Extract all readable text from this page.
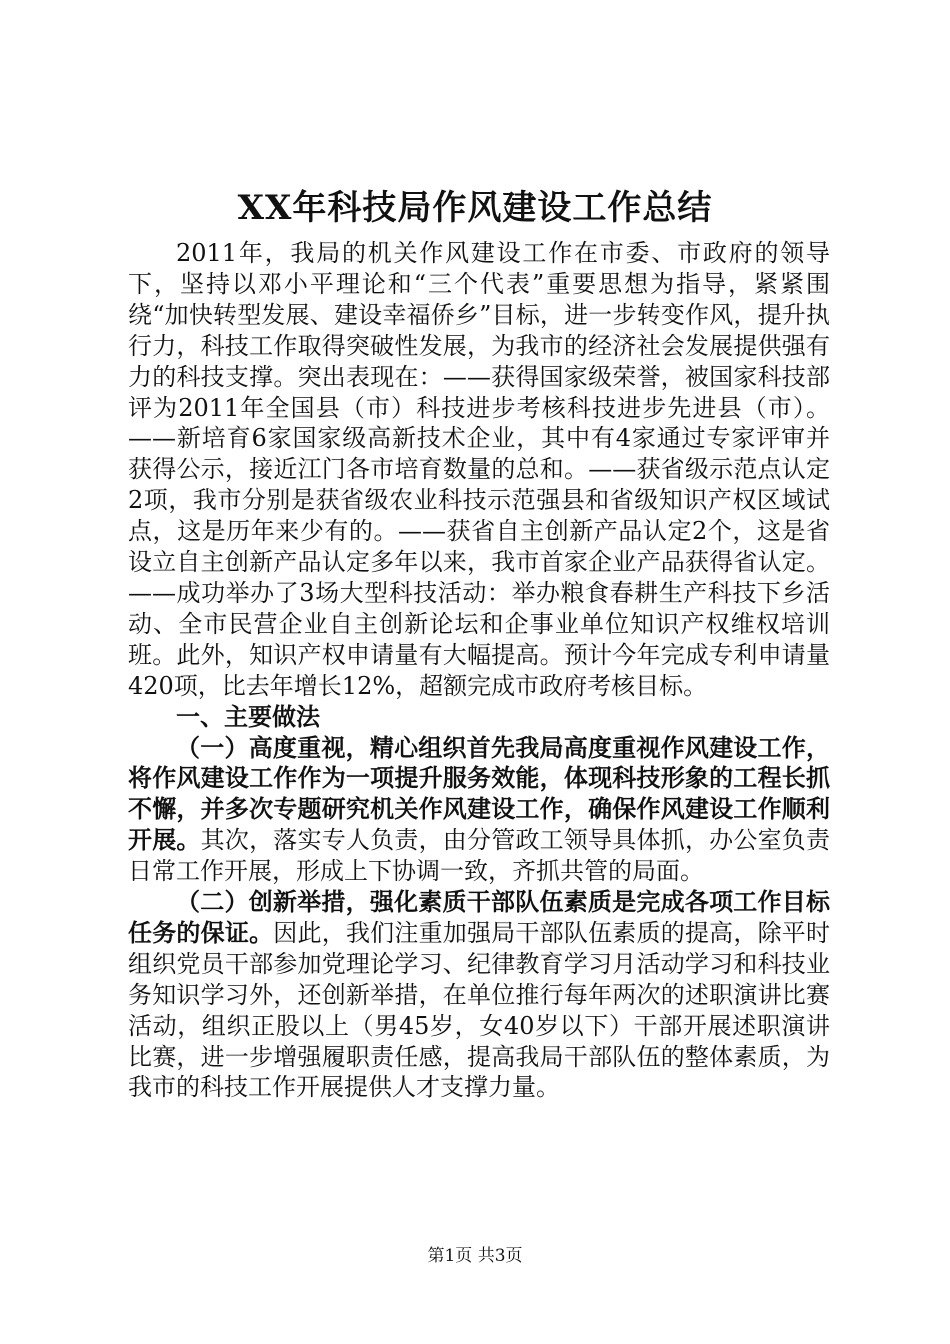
XX年科技局作风建设工作总结

2011年，我局的机关作风建设工作在市委、市政府的领导下，坚持以邓小平理论和“三个代表”重要思想为指导，紧紧围绕“加快转型发展、建设幸福侨乡”目标，进一步转变作风，提升执行力，科技工作取得突破性发展，为我市的经济社会发展提供强有力的科技支撑。突出表现在：——获得国家级荣誉，被国家科技部评为2011年全国县（市）科技进步考核科技进步先进县（市）。——新培育6家国家级高新技术企业，其中有4家通过专家评审并获得公示，接近江门各市培育数量的总和。——获省级示范点认定2项，我市分别是获省级农业科技示范强县和省级知识产权区域试点，这是历年来少有的。——获省自主创新产品认定2个，这是省设立自主创新产品认定多年以来，我市首家企业产品获得省认定。——成功举办了3场大型科技活动：举办粮食春耕生产科技下乡活动、全市民营企业自主创新论坛和企事业单位知识产权维权培训班。此外，知识产权申请量有大幅提高。预计今年完成专利申请量420项，比去年增长12%，超额完成市政府考核目标。

一、主要做法

（一）高度重视，精心组织首先我局高度重视作风建设工作，将作风建设工作作为一项提升服务效能，体现科技形象的工程长抓不懈，并多次专题研究机关作风建设工作，确保作风建设工作顺利开展。其次，落实专人负责，由分管政工领导具体抓，办公室负责日常工作开展，形成上下协调一致，齐抓共管的局面。

（二）创新举措，强化素质干部队伍素质是完成各项工作目标任务的保证。因此，我们注重加强局干部队伍素质的提高，除平时组织党员干部参加党理论学习、纪律教育学习月活动学习和科技业务知识学习外，还创新举措，在单位推行每年两次的述职演讲比赛活动，组织正股以上（男45岁，女40岁以下）干部开展述职演讲比赛，进一步增强履职责任感，提高我局干部队伍的整体素质，为我市的科技工作开展提供人才支撑力量。

第1页 共3页
